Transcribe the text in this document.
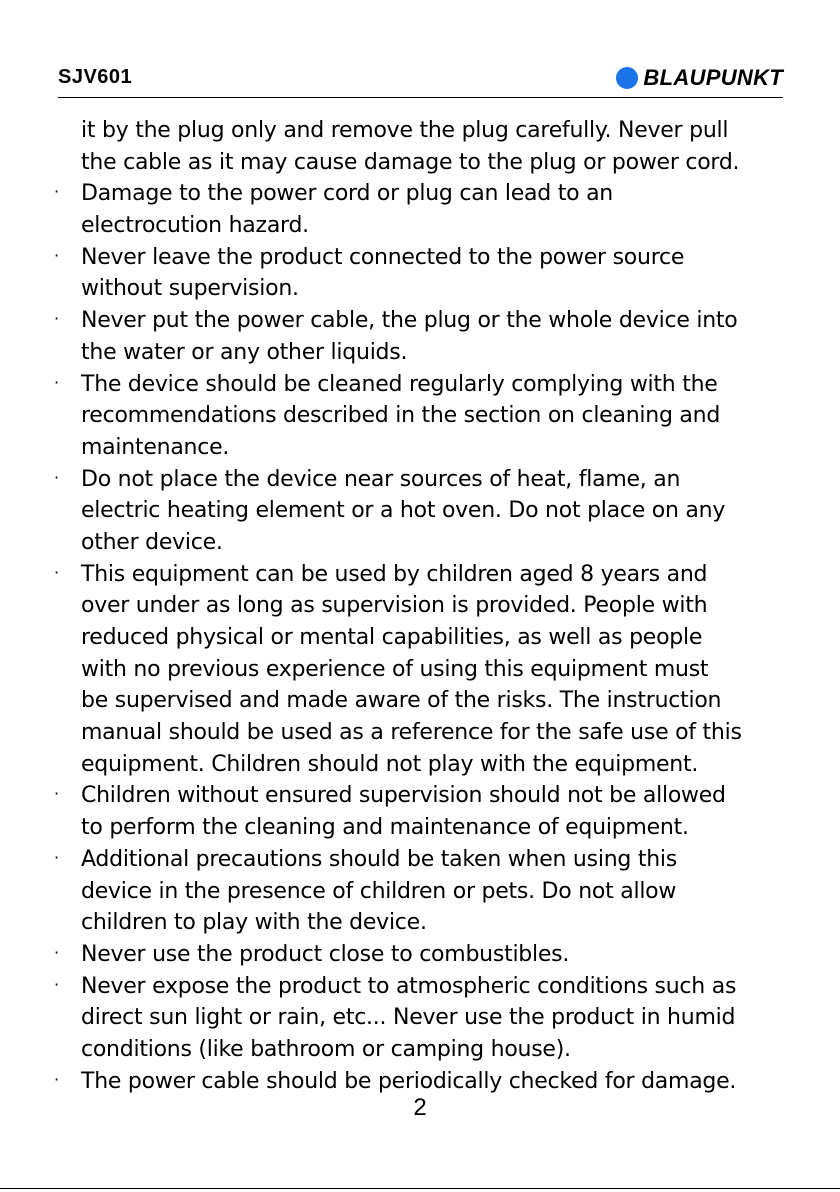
SJV601	BLAUPUNKT
it by the plug only and remove the plug carefully. Never pull
the cable as it may cause damage to the plug or power cord.
· Damage to the power cord or plug can lead to an
electrocution hazard.
· Never leave the product connected to the power source
without supervision.
· Never put the power cable, the plug or the whole device into
the water or any other liquids.
· The device should be cleaned regularly complying with the
recommendations described in the section on cleaning and
maintenance.
· Do not place the device near sources of heat, flame, an
electric heating element or a hot oven. Do not place on any
other device.
· This equipment can be used by children aged 8 years and
over under as long as supervision is provided. People with
reduced physical or mental capabilities, as well as people
with no previous experience of using this equipment must
be supervised and made aware of the risks. The instruction
manual should be used as a reference for the safe use of this
equipment. Children should not play with the equipment.
· Children without ensured supervision should not be allowed
to perform the cleaning and maintenance of equipment.
· Additional precautions should be taken when using this
device in the presence of children or pets. Do not allow
children to play with the device.
· Never use the product close to combustibles.
· Never expose the product to atmospheric conditions such as
direct sun light or rain, etc... Never use the product in humid
conditions (like bathroom or camping house).
· The power cable should be periodically checked for damage.
2
